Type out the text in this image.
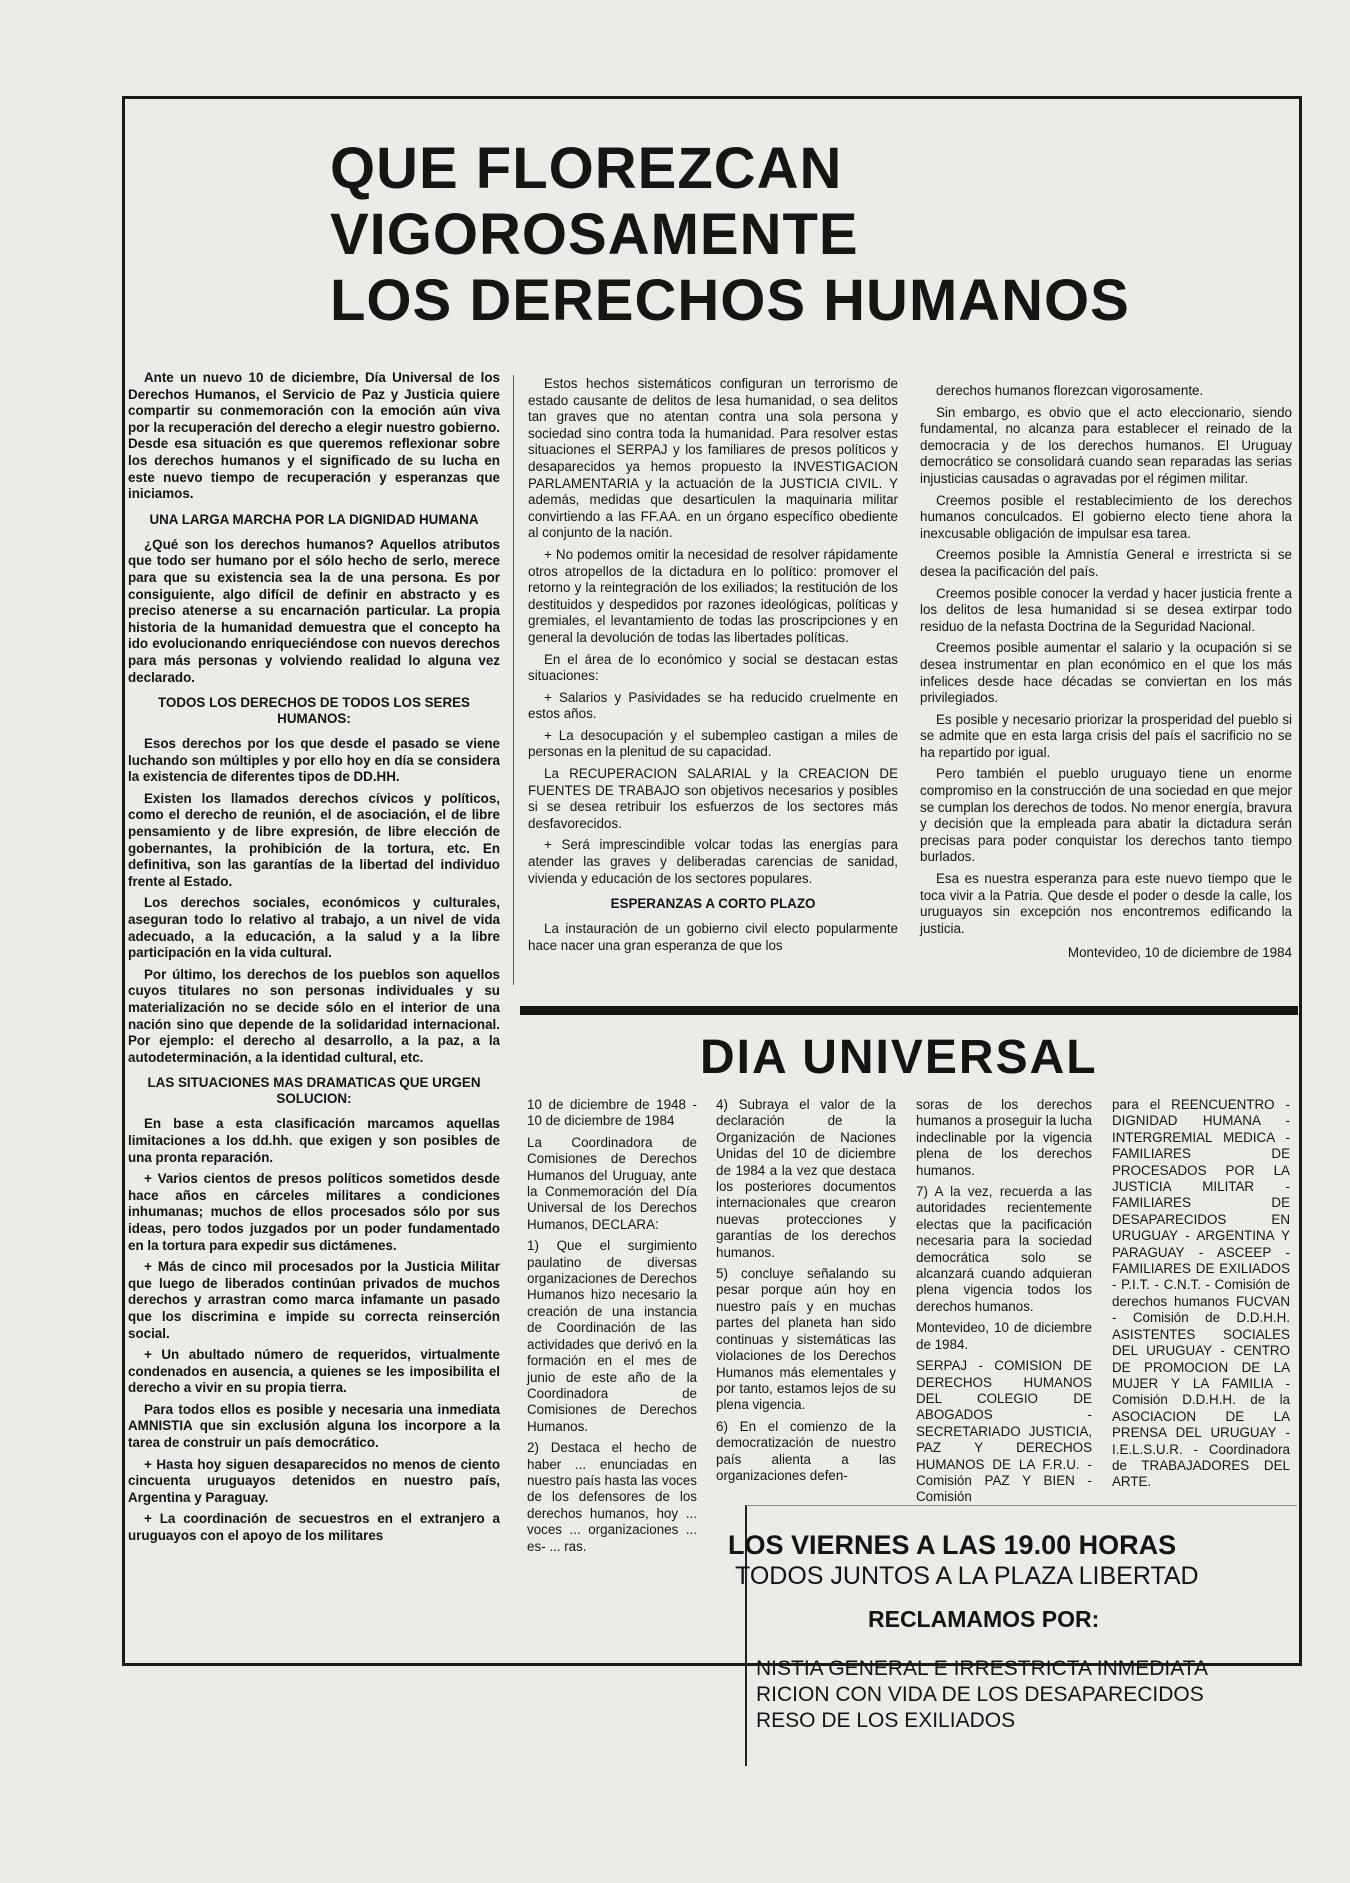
QUE FLOREZCAN
VIGOROSAMENTE
LOS DERECHOS HUMANOS

Ante un nuevo 10 de diciembre, Día Universal de los Derechos Humanos, el Servicio de Paz y Justicia quiere compartir su conmemoración con la emoción aún viva por la recuperación del derecho a elegir nuestro gobierno. Desde esa situación es que queremos reflexionar sobre los derechos humanos y el significado de su lucha en este nuevo tiempo de recuperación y esperanzas que iniciamos.

UNA LARGA MARCHA POR LA DIGNIDAD HUMANA

¿Qué son los derechos humanos? Aquellos atributos que todo ser humano por el sólo hecho de serlo, merece para que su existencia sea la de una persona. Es por consiguiente, algo difícil de definir en abstracto y es preciso atenerse a su encarnación particular. La propia historia de la humanidad demuestra que el concepto ha ido evolucionando enriqueciéndose con nuevos derechos para más personas y volviendo realidad lo alguna vez declarado.

TODOS LOS DERECHOS DE TODOS LOS SERES HUMANOS:

Esos derechos por los que desde el pasado se viene luchando son múltiples y por ello hoy en día se considera la existencia de diferentes tipos de DD.HH.

Existen los llamados derechos cívicos y políticos, como el derecho de reunión, el de asociación, el de libre pensamiento y de libre expresión, de libre elección de gobernantes, la prohibición de la tortura, etc. En definitiva, son las garantías de la libertad del individuo frente al Estado.

Los derechos sociales, económicos y culturales, aseguran todo lo relativo al trabajo, a un nivel de vida adecuado, a la educación, a la salud y a la libre participación en la vida cultural.

Por último, los derechos de los pueblos son aquellos cuyos titulares no son personas individuales y su materialización no se decide sólo en el interior de una nación sino que depende de la solidaridad internacional. Por ejemplo: el derecho al desarrollo, a la paz, a la autodeterminación, a la identidad cultural, etc.

LAS SITUACIONES MAS DRAMATICAS QUE URGEN SOLUCION:

En base a esta clasificación marcamos aquellas limitaciones a los dd.hh. que exigen y son posibles de una pronta reparación.

+ Varios cientos de presos políticos sometidos desde hace años en cárceles militares a condiciones inhumanas; muchos de ellos procesados sólo por sus ideas, pero todos juzgados por un poder fundamentado en la tortura para expedir sus dictámenes.

+ Más de cinco mil procesados por la Justicia Militar que luego de liberados continúan privados de muchos derechos y arrastran como marca infamante un pasado que los discrimina e impide su correcta reinserción social.

+ Un abultado número de requeridos, virtualmente condenados en ausencia, a quienes se les imposibilita el derecho a vivir en su propia tierra.

Para todos ellos es posible y necesaria una inmediata AMNISTIA que sin exclusión alguna los incorpore a la tarea de construir un país democrático.

+ Hasta hoy siguen desaparecidos no menos de ciento cincuenta uruguayos detenidos en nuestro país, Argentina y Paraguay.

+ La coordinación de secuestros en el extranjero a uruguayos con el apoyo de los militares

Estos hechos sistemáticos configuran un terrorismo de estado causante de delitos de lesa humanidad, o sea delitos tan graves que no atentan contra una sola persona y sociedad sino contra toda la humanidad. Para resolver estas situaciones el SERPAJ y los familiares de presos políticos y desaparecidos ya hemos propuesto la INVESTIGACION PARLAMENTARIA y la actuación de la JUSTICIA CIVIL. Y además, medidas que desarticulen la maquinaria militar convirtiendo a las FF.AA. en un órgano específico obediente al conjunto de la nación.

+ No podemos omitir la necesidad de resolver rápidamente otros atropellos de la dictadura en lo político: promover el retorno y la reintegración de los exiliados; la restitución de los destituidos y despedidos por razones ideológicas, políticas y gremiales, el levantamiento de todas las proscripciones y en general la devolución de todas las libertades políticas.

En el área de lo económico y social se destacan estas situaciones:

+ Salarios y Pasividades se ha reducido cruelmente en estos años.

+ La desocupación y el subempleo castigan a miles de personas en la plenitud de su capacidad.

La RECUPERACION SALARIAL y la CREACION DE FUENTES DE TRABAJO son objetivos necesarios y posibles si se desea retribuir los esfuerzos de los sectores más desfavorecidos.

+ Será imprescindible volcar todas las energías para atender las graves y deliberadas carencias de sanidad, vivienda y educación de los sectores populares.

ESPERANZAS A CORTO PLAZO

La instauración de un gobierno civil electo popularmente hace nacer una gran esperanza de que los

derechos humanos florezcan vigorosamente.

Sin embargo, es obvio que el acto eleccionario, siendo fundamental, no alcanza para establecer el reinado de la democracia y de los derechos humanos. El Uruguay democrático se consolidará cuando sean reparadas las serias injusticias causadas o agravadas por el régimen militar.

Creemos posible el restablecimiento de los derechos humanos conculcados. El gobierno electo tiene ahora la inexcusable obligación de impulsar esa tarea.

Creemos posible la Amnistía General e irrestricta si se desea la pacificación del país.

Creemos posible conocer la verdad y hacer justicia frente a los delitos de lesa humanidad si se desea extirpar todo residuo de la nefasta Doctrina de la Seguridad Nacional.

Creemos posible aumentar el salario y la ocupación si se desea instrumentar en plan económico en el que los más infelices desde hace décadas se conviertan en los más privilegiados.

Es posible y necesario priorizar la prosperidad del pueblo si se admite que en esta larga crisis del país el sacrificio no se ha repartido por igual.

Pero también el pueblo uruguayo tiene un enorme compromiso en la construcción de una sociedad en que mejor se cumplan los derechos de todos. No menor energía, bravura y decisión que la empleada para abatir la dictadura serán precisas para poder conquistar los derechos tanto tiempo burlados.

Esa es nuestra esperanza para este nuevo tiempo que le toca vivir a la Patria. Que desde el poder o desde la calle, los uruguayos sin excepción nos encontremos edificando la justicia.

Montevideo, 10 de diciembre de 1984
DIA UNIVERSAL

10 de diciembre de 1948 - 10 de diciembre de 1984

La Coordinadora de Comisiones de Derechos Humanos del Uruguay, ante la Conmemoración del Día Universal de los Derechos Humanos, DECLARA:

1) Que el surgimiento paulatino de diversas organizaciones de Derechos Humanos hizo necesario la creación de una instancia de Coordinación de las actividades que derivó en la formación en el mes de junio de este año de la Coordinadora de Comisiones de Derechos Humanos.

2) Destaca el hecho de haber ... enunciadas en nuestro país hasta las voces de los defensores de los derechos humanos, hoy ... voces ... organizaciones ... es- ... ras.

4) Subraya el valor de la declaración de la Organización de Naciones Unidas del 10 de diciembre de 1984 a la vez que destaca los posteriores documentos internacionales que crearon nuevas protecciones y garantías de los derechos humanos.

5) concluye señalando su pesar porque aún hoy en nuestro país y en muchas partes del planeta han sido continuas y sistemáticas las violaciones de los Derechos Humanos más elementales y por tanto, estamos lejos de su plena vigencia.

6) En el comienzo de la democratización de nuestro país alienta a las organizaciones defen-

soras de los derechos humanos a proseguir la lucha indeclinable por la vigencia plena de los derechos humanos.

7) A la vez, recuerda a las autoridades recientemente electas que la pacificación necesaria para la sociedad democrática solo se alcanzará cuando adquieran plena vigencia todos los derechos humanos.

Montevideo, 10 de diciembre de 1984.

SERPAJ - COMISION DE DERECHOS HUMANOS DEL COLEGIO DE ABOGADOS - SECRETARIADO JUSTICIA, PAZ Y DERECHOS HUMANOS DE LA F.R.U. - Comisión PAZ Y BIEN - Comisión

para el REENCUENTRO - DIGNIDAD HUMANA - INTERGREMIAL MEDICA - FAMILIARES DE PROCESADOS POR LA JUSTICIA MILITAR - FAMILIARES DE DESAPARECIDOS EN URUGUAY - ARGENTINA Y PARAGUAY - ASCEEP - FAMILIARES DE EXILIADOS - P.I.T. - C.N.T. - Comisión de derechos humanos FUCVAN - Comisión de D.D.H.H. ASISTENTES SOCIALES DEL URUGUAY - CENTRO DE PROMOCION DE LA MUJER Y LA FAMILIA - Comisión D.D.H.H. de la ASOCIACION DE LA PRENSA DEL URUGUAY - I.E.L.S.U.R. - Coordinadora de TRABAJADORES DEL ARTE.

LOS VIERNES A LAS 19.00 HORAS
TODOS JUNTOS A LA PLAZA LIBERTAD
RECLAMAMOS POR:
NISTIA GENERAL E IRRESTRICTA INMEDIATA
RICION CON VIDA DE LOS DESAPARECIDOS
RESO DE LOS EXILIADOS
